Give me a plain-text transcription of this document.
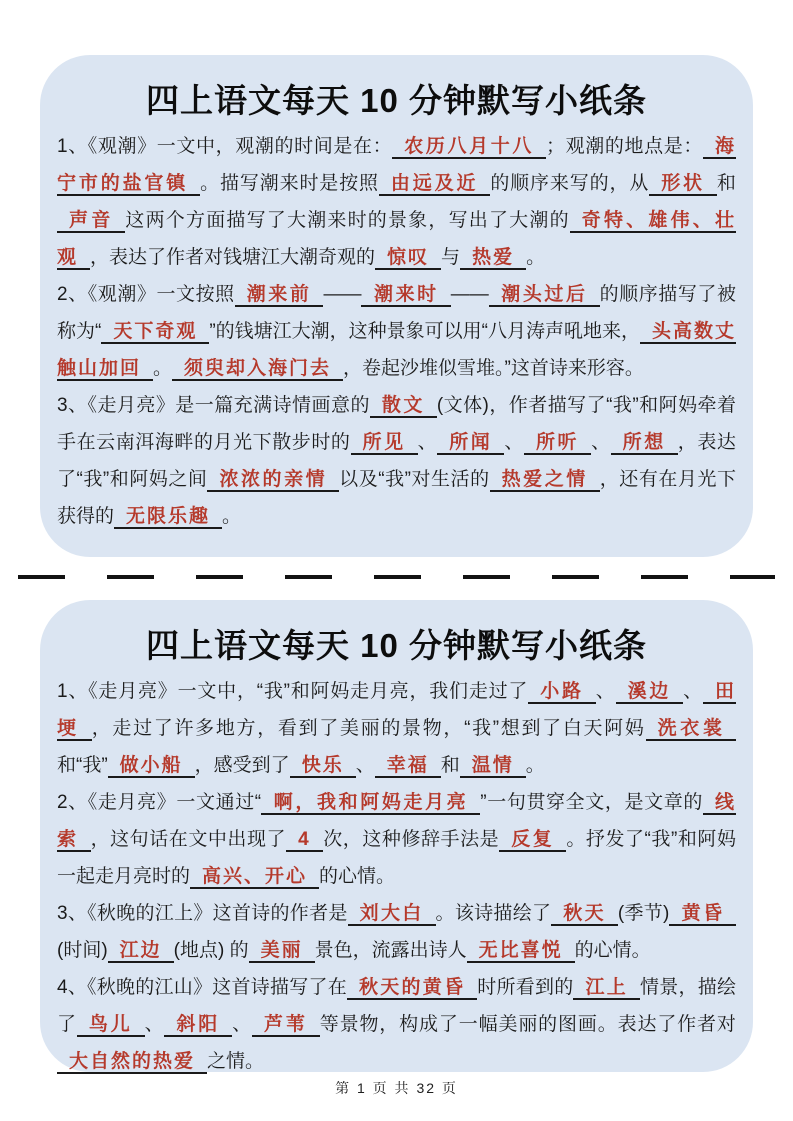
四上语文每天 10 分钟默写小纸条

1、《观潮》一文中，观潮的时间是在： 农历八月十八 ；观潮的地点是： 海宁市的盐官镇 。描写潮来时是按照 由远及近 的顺序来写的，从 形状 和声音 这两个方面描写了大潮来时的景象，写出了大潮的 奇特、雄伟、壮观 ，表达了作者对钱塘江大潮奇观的 惊叹 与 热爱 。

2、《观潮》一文按照 潮来前 —— 潮来时 —— 潮头过后 的顺序描写了被称为“ 天下奇观 ”的钱塘江大潮，这种景象可以用“八月涛声吼地来， 头高数丈触山加回 。 须臾却入海门去 ，卷起沙堆似雪堆。”这首诗来形容。

3、《走月亮》是一篇充满诗情画意的 散文 (文体)，作者描写了“我”和阿妈牵着手在云南洱海畔的月光下散步时的 所见 、 所闻 、 所听 、 所想 ，表达了“我”和阿妈之间 浓浓的亲情 以及“我”对生活的 热爱之情 ，还有在月光下获得的 无限乐趣 。

四上语文每天 10 分钟默写小纸条

1、《走月亮》一文中，“我”和阿妈走月亮，我们走过了 小路 、 溪边 、 田埂 ，走过了许多地方，看到了美丽的景物，“我”想到了白天阿妈 洗衣裳和“我” 做小船 ，感受到了 快乐 、 幸福 和 温情 。

2、《走月亮》一文通过“ 啊，我和阿妈走月亮 ”一句贯穿全文，是文章的 线索 ，这句话在文中出现了 4 次，这种修辞手法是 反复 。抒发了“我”和阿妈一起走月亮时的 高兴、开心 的心情。

3、《秋晚的江上》这首诗的作者是 刘大白 。该诗描绘了 秋天 (季节) 黄昏(时间) 江边 (地点) 的 美丽 景色，流露出诗人 无比喜悦 的心情。

4、《秋晚的江山》这首诗描写了在 秋天的黄昏 时所看到的 江上 情景，描绘了 鸟儿 、 斜阳 、 芦苇 等景物，构成了一幅美丽的图画。表达了作者对大自然的热爱 之情。

第 1 页 共 32 页
